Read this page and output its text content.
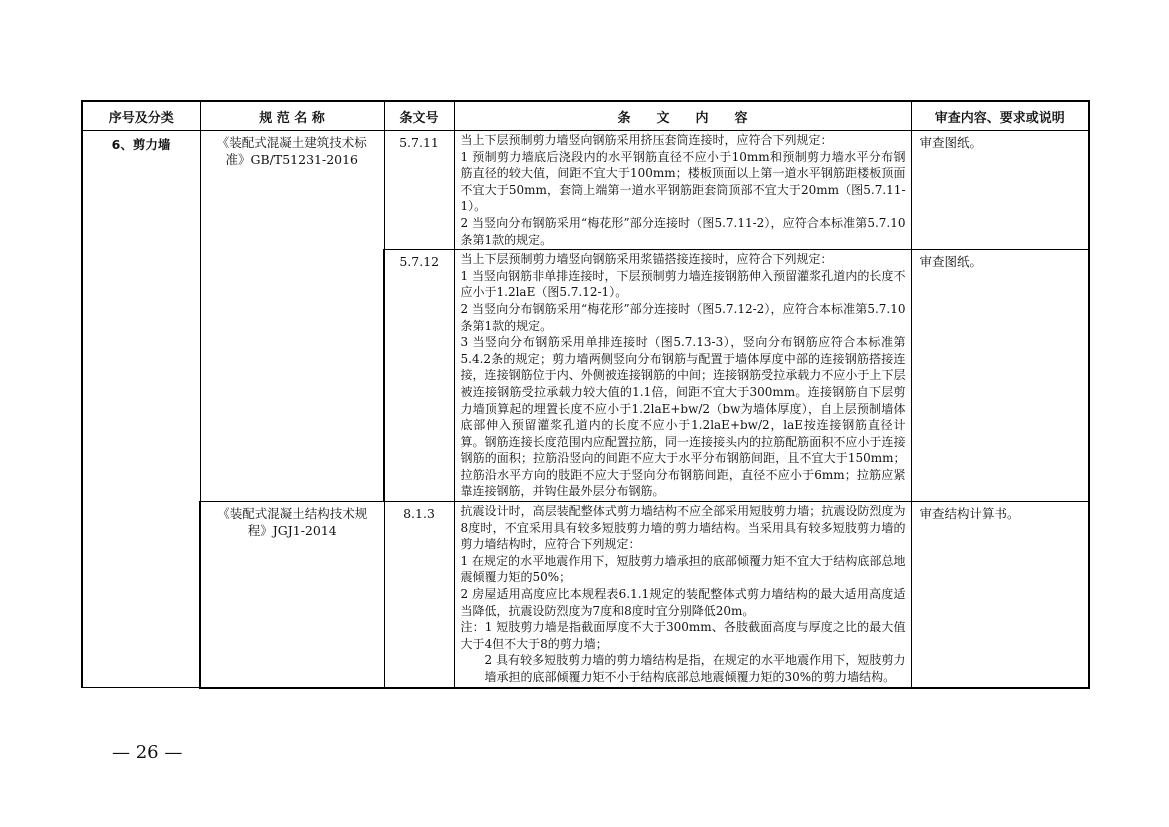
序号及分类	规 范 名 称	条文号	条　　文　　内　　容	审查内容、要求或说明
6、剪力墙	《装配式混凝土建筑技术标准》GB/T51231-2016	5.7.11	当上下层预制剪力墙竖向钢筋采用挤压套筒连接时，应符合下列规定：
1 预制剪力墙底后浇段内的水平钢筋直径不应小于10mm和预制剪力墙水平分布钢筋直径的较大值，间距不宜大于100mm；楼板顶面以上第一道水平钢筋距楼板顶面不宜大于50mm，套筒上端第一道水平钢筋距套筒顶部不宜大于20mm（图5.7.11-1）。
2 当竖向分布钢筋采用“梅花形”部分连接时（图5.7.11-2），应符合本标准第5.7.10条第1款的规定。	审查图纸。
		5.7.12	当上下层预制剪力墙竖向钢筋采用浆锚搭接连接时，应符合下列规定：
1 当竖向钢筋非单排连接时，下层预制剪力墙连接钢筋伸入预留灌浆孔道内的长度不应小于1.2laE（图5.7.12-1）。
2 当竖向分布钢筋采用“梅花形”部分连接时（图5.7.12-2），应符合本标准第5.7.10条第1款的规定。
3 当竖向分布钢筋采用单排连接时（图5.7.13-3），竖向分布钢筋应符合本标准第5.4.2条的规定；剪力墙两侧竖向分布钢筋与配置于墙体厚度中部的连接钢筋搭接连接，连接钢筋位于内、外侧被连接钢筋的中间；连接钢筋受拉承载力不应小于上下层被连接钢筋受拉承载力较大值的1.1倍，间距不宜大于300mm。连接钢筋自下层剪力墙顶算起的埋置长度不应小于1.2laE+bw/2（bw为墙体厚度），自上层预制墙体底部伸入预留灌浆孔道内的长度不应小于1.2laE+bw/2，laE按连接钢筋直径计算。钢筋连接长度范围内应配置拉筋，同一连接接头内的拉筋配筋面积不应小于连接钢筋的面积；拉筋沿竖向的间距不应大于水平分布钢筋间距，且不宜大于150mm；拉筋沿水平方向的肢距不应大于竖向分布钢筋间距，直径不应小于6mm；拉筋应紧靠连接钢筋，并钩住最外层分布钢筋。	审查图纸。
	《装配式混凝土结构技术规程》JGJ1-2014	8.1.3	抗震设计时，高层装配整体式剪力墙结构不应全部采用短肢剪力墙；抗震设防烈度为8度时，不宜采用具有较多短肢剪力墙的剪力墙结构。当采用具有较多短肢剪力墙的剪力墙结构时，应符合下列规定：
1 在规定的水平地震作用下，短肢剪力墙承担的底部倾覆力矩不宜大于结构底部总地震倾覆力矩的50%；
2 房屋适用高度应比本规程表6.1.1规定的装配整体式剪力墙结构的最大适用高度适当降低，抗震设防烈度为7度和8度时宜分别降低20m。
注：1 短肢剪力墙是指截面厚度不大于300mm、各肢截面高度与厚度之比的最大值大于4但不大于8的剪力墙；
2 具有较多短肢剪力墙的剪力墙结构是指，在规定的水平地震作用下，短肢剪力墙承担的底部倾覆力矩不小于结构底部总地震倾覆力矩的30%的剪力墙结构。	审查结构计算书。
— 26 —
